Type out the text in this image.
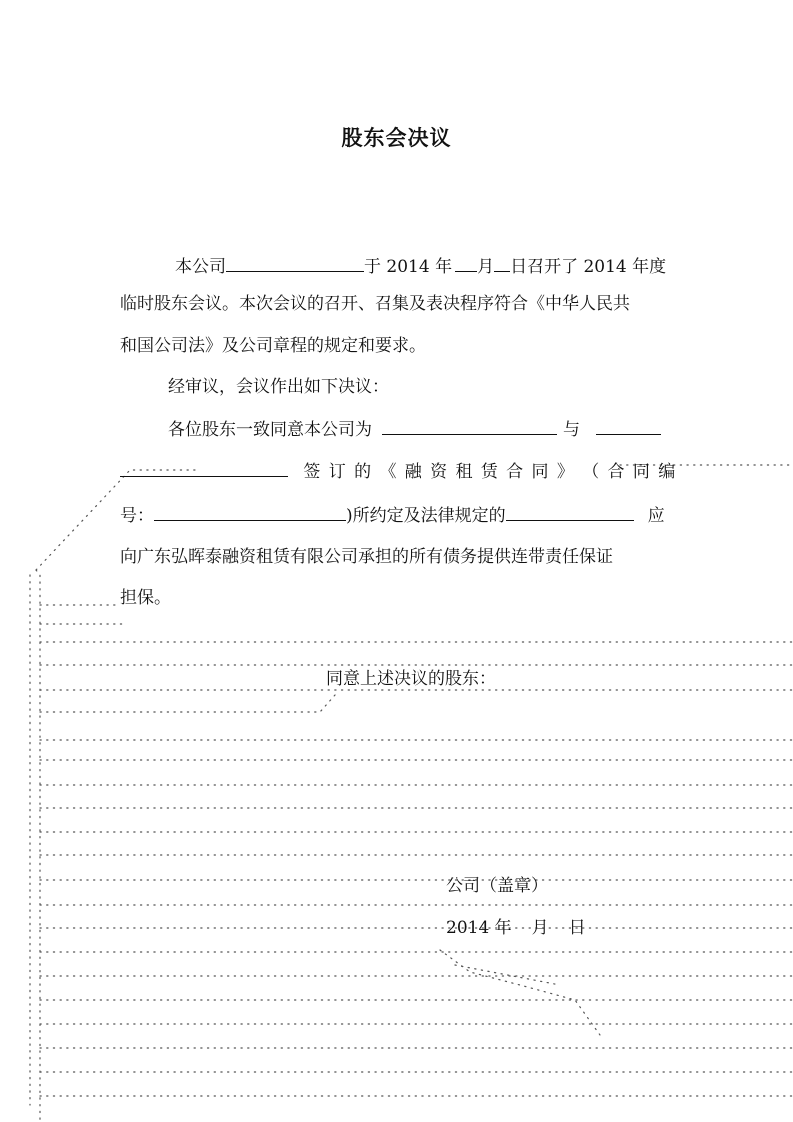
股东会决议
本公司	于 2014 年 月 日召开了 2014 年度
临时股东会议。本次会议的召开、召集及表决程序符合《中华人民共
和国公司法》及公司章程的规定和要求。
经审议，会议作出如下决议：
各位股东一致同意本公司为	与

签 订 的 《 融 资 租 赁 合 同 》 （ 合 同 编
号：	)所约定及法律规定的	应
向广东弘晖泰融资租赁有限公司承担的所有债务提供连带责任保证
担保。
同意上述决议的股东：
公司（盖章）
2014 年 月 日
